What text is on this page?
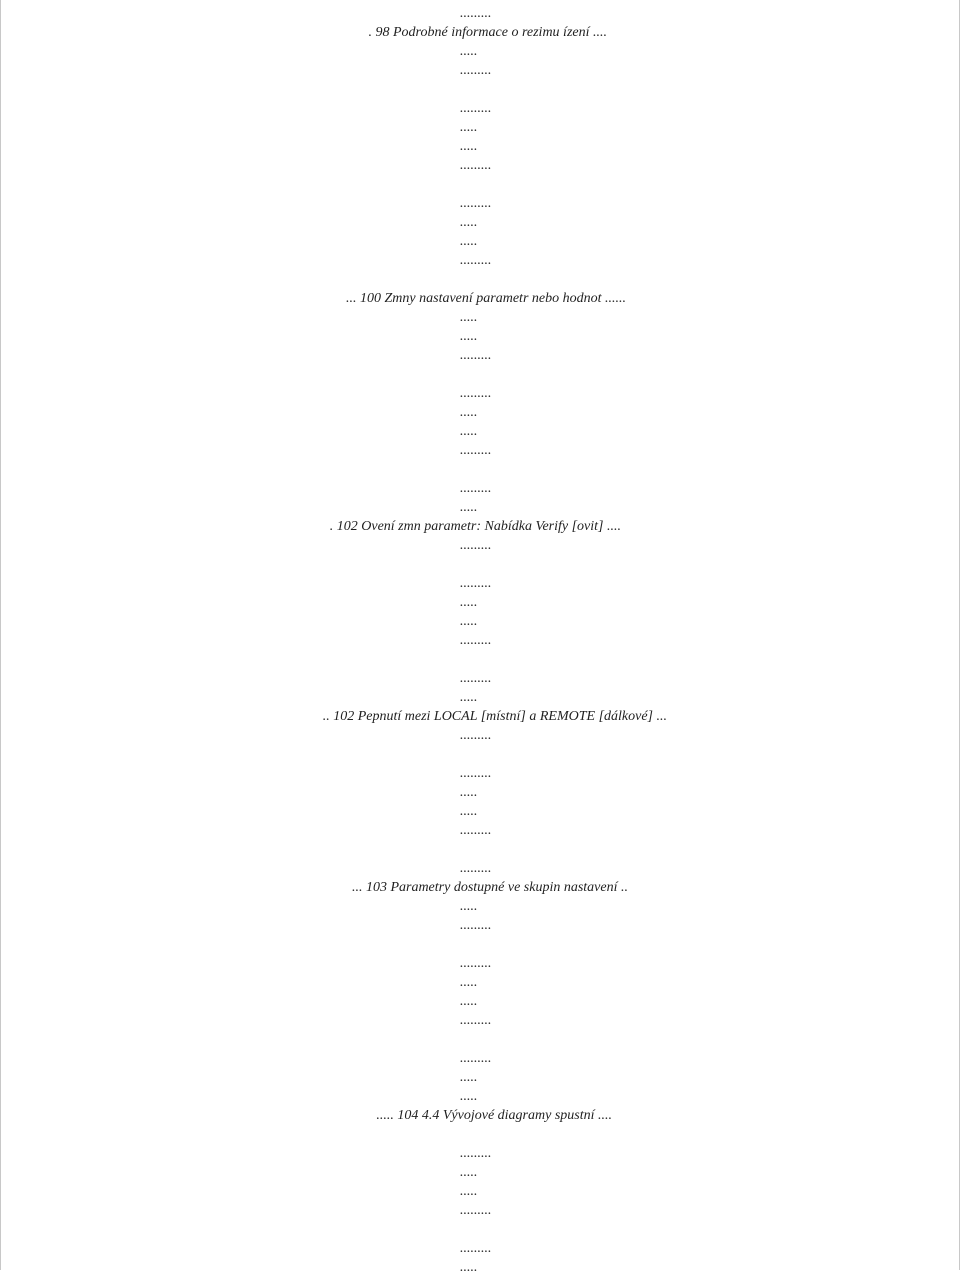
.........
. 98 Podrobné informace o rezimu ízení ....
.....
.........
.........
.....
.....
.........
.........
.....
.....
.........
... 100 Zmny nastavení parametr nebo hodnot ......
.....
.....
.........
.........
.....
.....
.........
.........
.....
. 102 Ovení zmn parametr: Nabídka Verify [ovit] ....
.........
.........
.....
.....
.........
.........
.....
.. 102 Pepnutí mezi LOCAL [místní] a REMOTE [dálkové] ...
.........
.........
.....
.....
.........
.........
... 103 Parametry dostupné ve skupin nastavení ..
.....
.........
.........
.....
.....
.........
.........
.....
.....
..... 104 4.4 Vývojové diagramy spustní ....
.........
.....
.....
.........
.........
.....
